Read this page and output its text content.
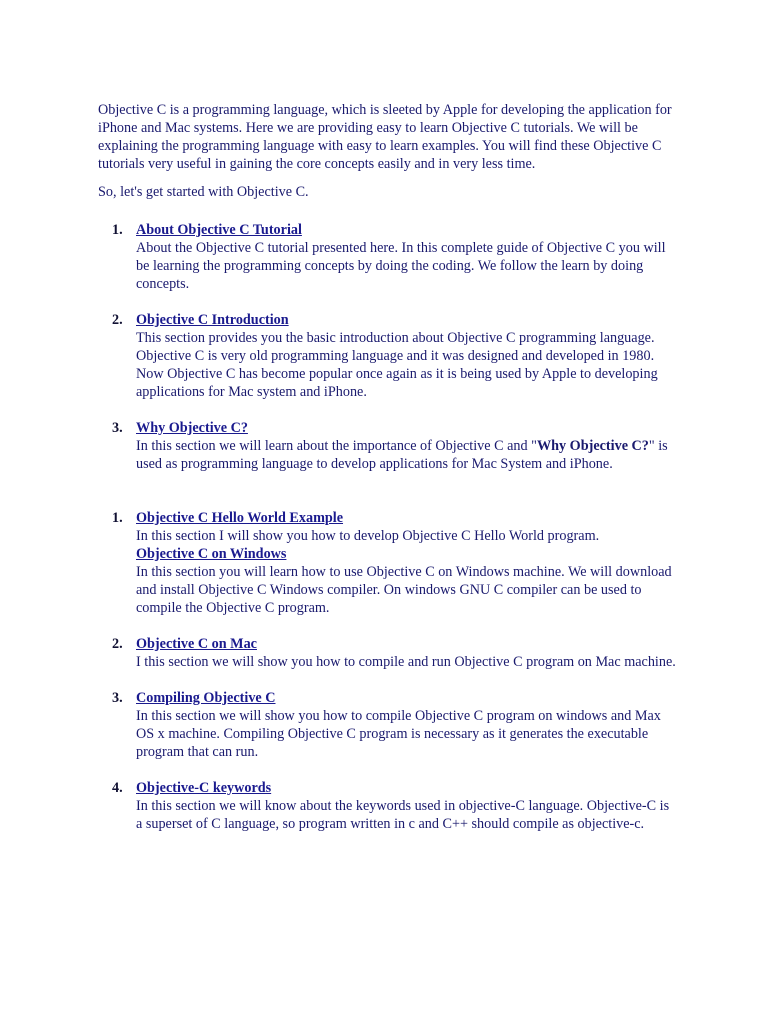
Objective C is a programming language, which is sleeted by Apple for developing the application for iPhone and Mac systems. Here we are providing easy to learn Objective C tutorials. We will be explaining the programming language with easy to learn examples. You will find these Objective C tutorials very useful in gaining the core concepts easily and in very less time.

So, let's get started with Objective C.

1. About Objective C Tutorial
About the Objective C tutorial presented here. In this complete guide of Objective C you will be learning the programming concepts by doing the coding. We follow the learn by doing concepts.
2. Objective C Introduction
This section provides you the basic introduction about Objective C programming language. Objective C is very old programming language and it was designed and developed in 1980. Now Objective C has become popular once again as it is being used by Apple to developing applications for Mac system and iPhone.
3. Why Objective C?
In this section we will learn about the importance of Objective C and "Why Objective C?" is used as programming language to develop applications for Mac System and iPhone.
1. Objective C Hello World Example
In this section I will show you how to develop Objective C Hello World program.
Objective C on Windows
In this section you will learn how to use Objective C on Windows machine. We will download and install Objective C Windows compiler. On windows GNU C compiler can be used to compile the Objective C program.
2. Objective C on Mac
I this section we will show you how to compile and run Objective C program on Mac machine.
3. Compiling Objective C
In this section we will show you how to compile Objective C program on windows and Max OS x machine. Compiling Objective C program is necessary as it generates the executable program that can run.
4. Objective-C keywords
In this section we will know about the keywords used in objective-C language. Objective-C is a superset of C language, so program written in c and C++ should compile as objective-c.
